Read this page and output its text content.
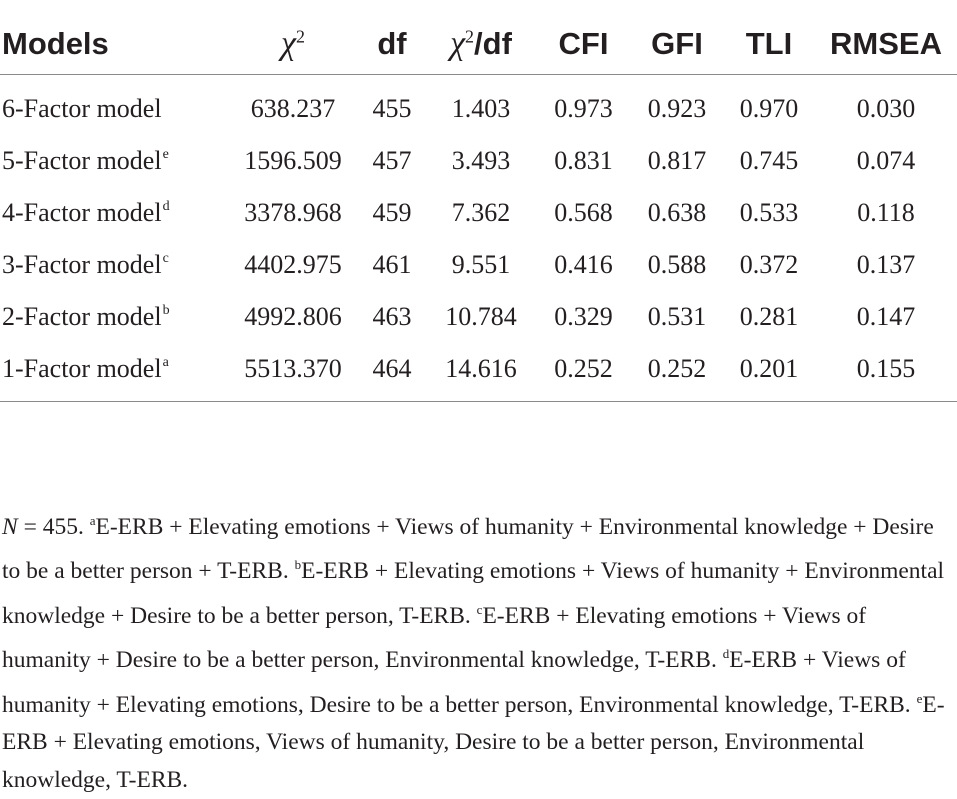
Models	$\chi^2$	df	$\chi^2/df$	CFI	GFI	TLI	RMSEA
6-Factor model	638.237	455	1.403	0.973	0.923	0.970	0.030
5-Factor model$^e$	1596.509	457	3.493	0.831	0.817	0.745	0.074
4-Factor model$^d$	3378.968	459	7.362	0.568	0.638	0.533	0.118
3-Factor model$^c$	4402.975	461	9.551	0.416	0.588	0.372	0.137
2-Factor model$^b$	4992.806	463	10.784	0.329	0.531	0.281	0.147
1-Factor model$^a$	5513.370	464	14.616	0.252	0.252	0.201	0.155

N = 455. $^a$E-ERB + Elevating emotions + Views of humanity + Environmental knowledge + Desire to be a better person + T-ERB. $^b$E-ERB + Elevating emotions + Views of humanity + Environmental knowledge + Desire to be a better person, T-ERB. $^c$E-ERB + Elevating emotions + Views of humanity + Desire to be a better person, Environmental knowledge, T-ERB. $^d$E-ERB + Views of humanity + Elevating emotions, Desire to be a better person, Environmental knowledge, T-ERB. $^e$E-ERB + Elevating emotions, Views of humanity, Desire to be a better person, Environmental knowledge, T-ERB.
